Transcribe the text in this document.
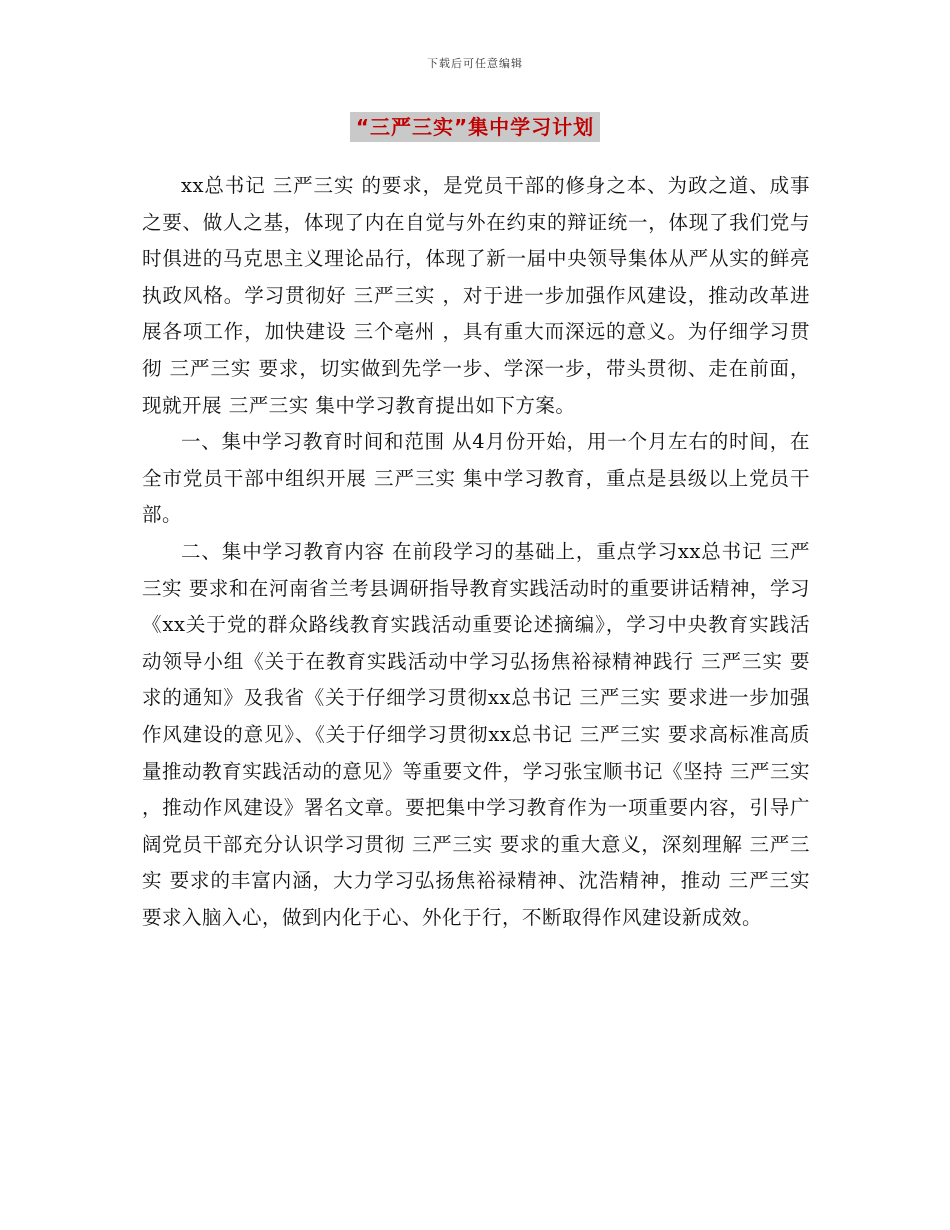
下载后可任意编辑
“三严三实”集中学习计划

xx总书记 三严三实 的要求，是党员干部的修身之本、为政之道、成事之要、做人之基，体现了内在自觉与外在约束的辩证统一，体现了我们党与时俱进的马克思主义理论品行，体现了新一届中央领导集体从严从实的鲜亮执政风格。学习贯彻好 三严三实 ，对于进一步加强作风建设，推动改革进展各项工作，加快建设 三个亳州 ，具有重大而深远的意义。为仔细学习贯彻 三严三实 要求，切实做到先学一步、学深一步，带头贯彻、走在前面，现就开展 三严三实 集中学习教育提出如下方案。

一、集中学习教育时间和范围 从4月份开始，用一个月左右的时间，在全市党员干部中组织开展 三严三实 集中学习教育，重点是县级以上党员干部。

二、集中学习教育内容 在前段学习的基础上，重点学习xx总书记 三严三实 要求和在河南省兰考县调研指导教育实践活动时的重要讲话精神，学习《xx关于党的群众路线教育实践活动重要论述摘编》，学习中央教育实践活动领导小组《关于在教育实践活动中学习弘扬焦裕禄精神践行 三严三实 要求的通知》及我省《关于仔细学习贯彻xx总书记 三严三实 要求进一步加强作风建设的意见》、《关于仔细学习贯彻xx总书记 三严三实 要求高标准高质量推动教育实践活动的意见》等重要文件，学习张宝顺书记《坚持 三严三实 ，推动作风建设》署名文章。要把集中学习教育作为一项重要内容，引导广阔党员干部充分认识学习贯彻 三严三实 要求的重大意义，深刻理解 三严三实 要求的丰富内涵，大力学习弘扬焦裕禄精神、沈浩精神，推动 三严三实 要求入脑入心，做到内化于心、外化于行，不断取得作风建设新成效。
